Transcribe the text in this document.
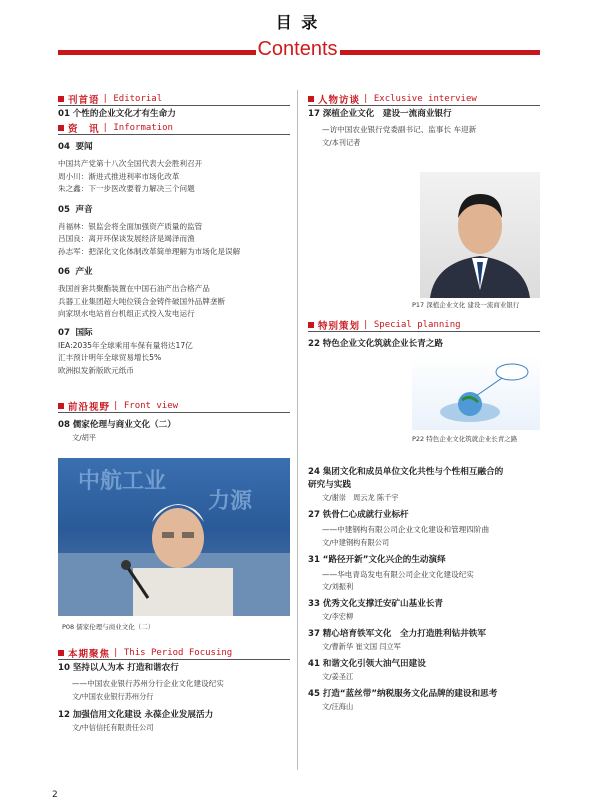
目 录
Contents
刊首语 | Editorial
01 个性的企业文化才有生命力
资　讯 | Information
04 要闻
中国共产党第十八次全国代表大会胜利召开
周小川：渐进式推进利率市场化改革
朱之鑫：下一步医改要着力解决三个问题
05 声音
肖福林：银监会将全面加强资产质量的监管
吕国良：离开环保谈发展经济是竭泽而渔
孙志军：把深化文化体制改革简单理解为市场化是误解
06 产业
我国首套共聚酯装置在中国石油产出合格产品
兵器工业集团超大吨位镁合金铸件破国外品牌垄断
向家坝水电站首台机组正式投入发电运行
07 国际
IEA:2035年全球乘用车保有量将达17亿
汇丰预计明年全球贸易增长5%
欧洲拟发新版欧元纸币
前沿视野 | Front view
08 儒家伦理与商业文化（二）
文/胡平
中航工业
力源
P08 儒家伦理与商业文化（二）
本期聚焦 | This Period Focusing
10 坚持以人为本 打造和谐农行
——中国农业银行苏州分行企业文化建设纪实
文/中国农业银行苏州分行
12 加强信用文化建设 永葆企业发展活力
文/中信信托有限责任公司
人物访谈 | Exclusive interview
17 深植企业文化　建设一流商业银行
—访中国农业银行党委副书记、监事长 车迎新
文/本刊记者
P17 深植企业文化 建设一流商业银行
特别策划 | Special planning
22 特色企业文化筑就企业长青之路
P22 特色企业文化筑就企业长青之路
24 集团文化和成员单位文化共性与个性相互融合的
研究与实践
文/谢崇　周云龙 陈千宇
27 铁骨仁心成就行业标杆
——中建钢构有限公司企业文化建设和管理四阶曲
文/中建钢构有限公司
31 “路径开新”文化兴企的生动演绎
——华电青岛发电有限公司企业文化建设纪实
文/刘振利
33 优秀文化支撑迁安矿山基业长青
文/李宏柳
37 精心培育铁军文化　全力打造胜利钻井铁军
文/曹新华 崔文国 闫立军
41 和谐文化引领大油气田建设
文/姜圣江
45 打造“蓝丝带”纳税服务文化品牌的建设和思考
文/汪海山
2
